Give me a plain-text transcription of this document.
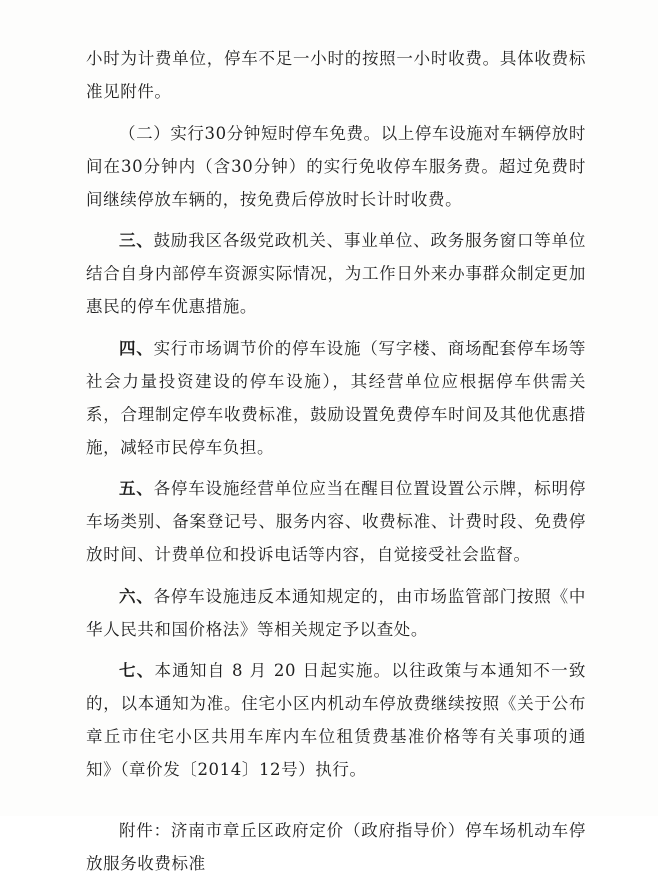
小时为计费单位，停车不足一小时的按照一小时收费。具体收费标准见附件。

（二）实行30分钟短时停车免费。以上停车设施对车辆停放时间在30分钟内（含30分钟）的实行免收停车服务费。超过免费时间继续停放车辆的，按免费后停放时长计时收费。

三、鼓励我区各级党政机关、事业单位、政务服务窗口等单位结合自身内部停车资源实际情况，为工作日外来办事群众制定更加惠民的停车优惠措施。

四、实行市场调节价的停车设施（写字楼、商场配套停车场等社会力量投资建设的停车设施），其经营单位应根据停车供需关系，合理制定停车收费标准，鼓励设置免费停车时间及其他优惠措施，减轻市民停车负担。

五、各停车设施经营单位应当在醒目位置设置公示牌，标明停车场类别、备案登记号、服务内容、收费标准、计费时段、免费停放时间、计费单位和投诉电话等内容，自觉接受社会监督。

六、各停车设施违反本通知规定的，由市场监管部门按照《中华人民共和国价格法》等相关规定予以查处。

七、本通知自 8 月 20 日起实施。以往政策与本通知不一致的，以本通知为准。住宅小区内机动车停放费继续按照《关于公布章丘市住宅小区共用车库内车位租赁费基准价格等有关事项的通知》（章价发〔2014〕12号）执行。

附件：济南市章丘区政府定价（政府指导价）停车场机动车停放服务收费标准
